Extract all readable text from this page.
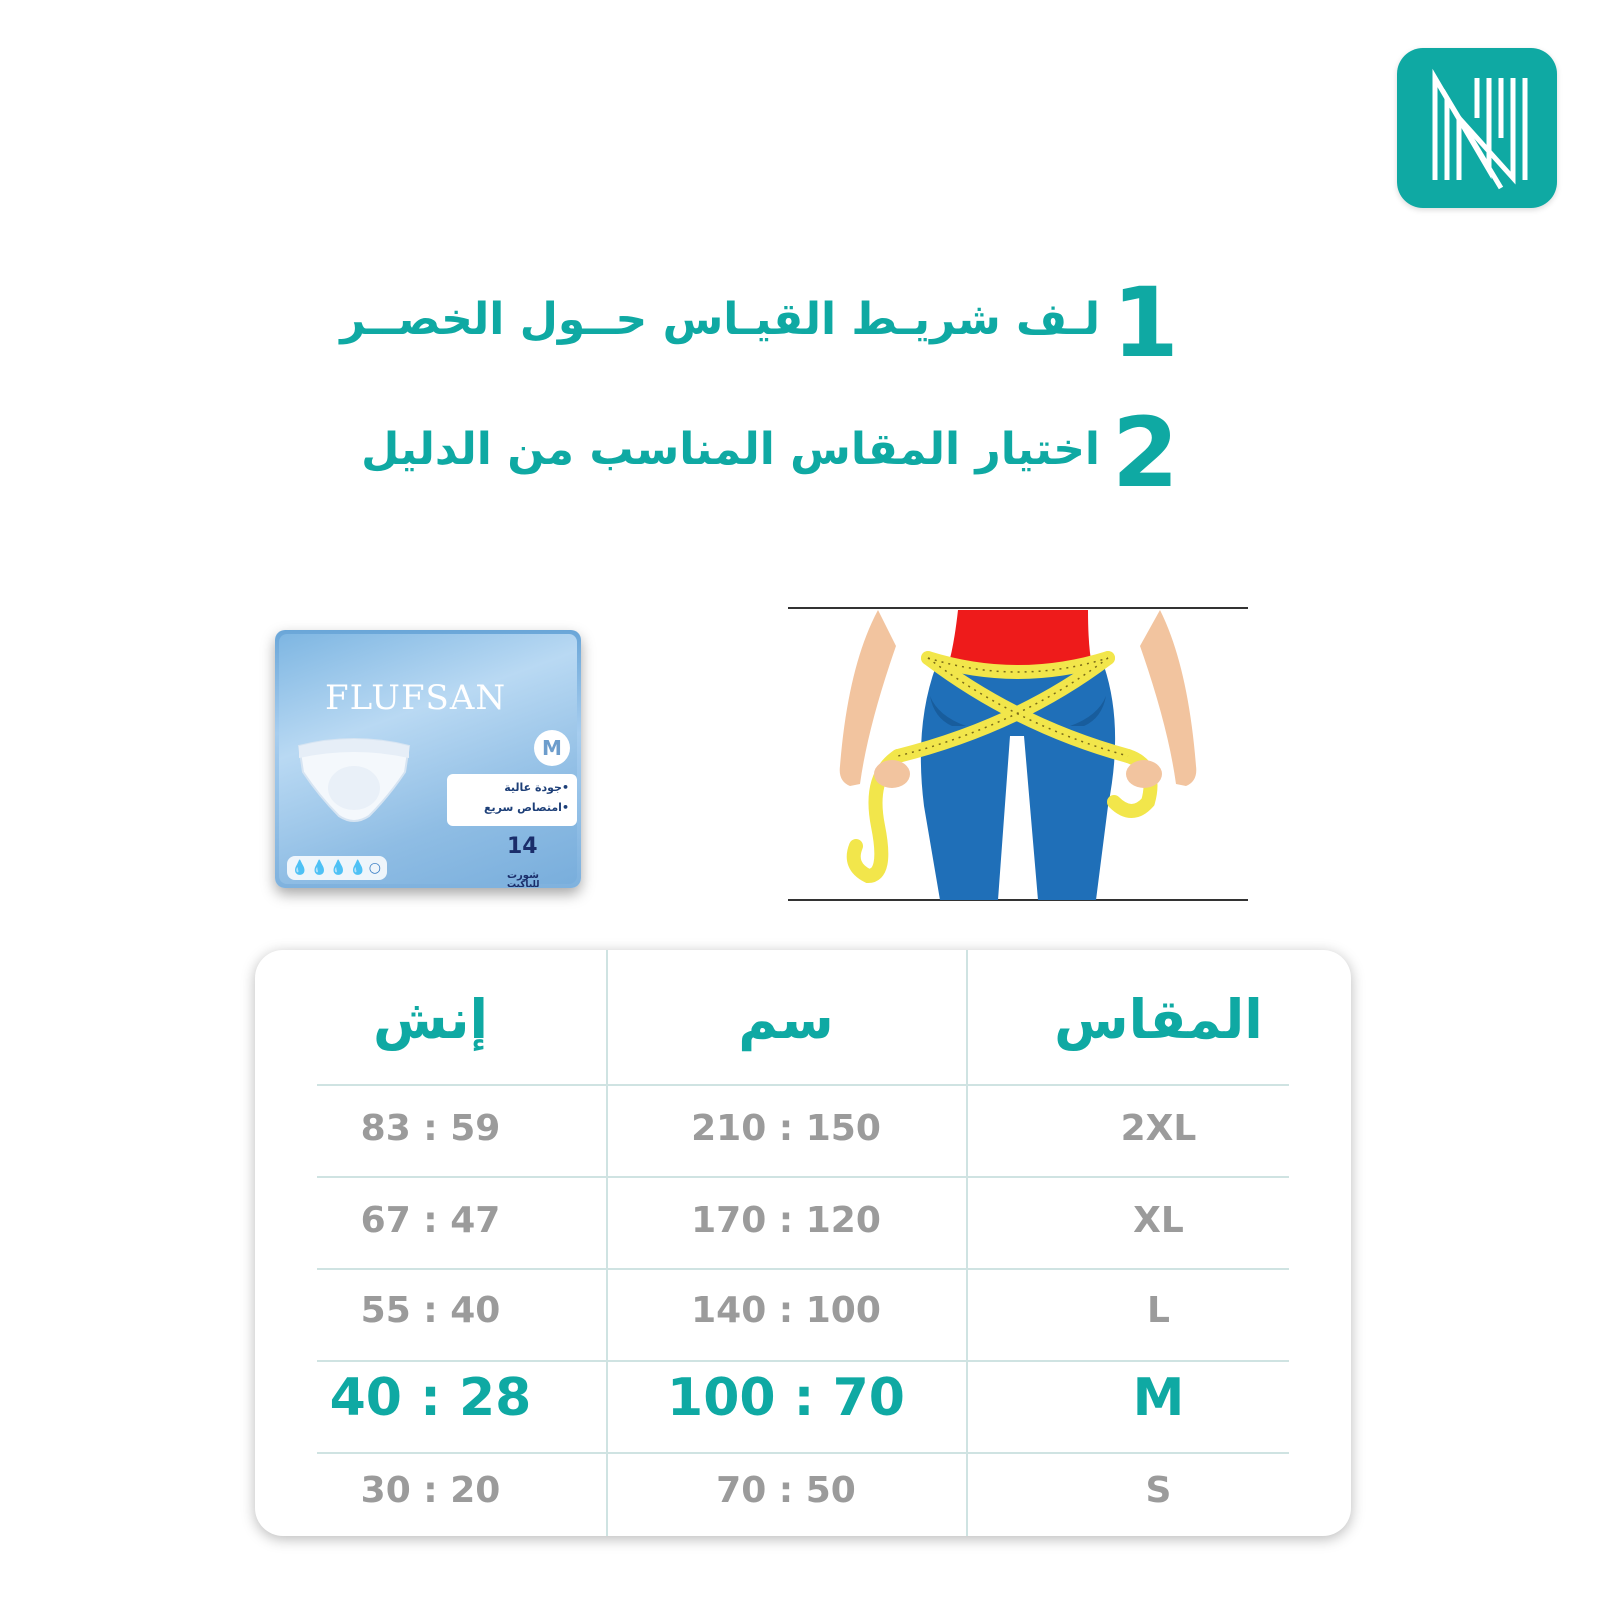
1
لـف شريـط القيـاس حــول الخصــر
2
اختيار المقاس المناسب من الدليل
FLUFSAN
M
•جودة عالية
•امتصاص سريع
14 شورت
للباكيت
💧💧💧💧○
إنش	سم	المقاس
83 : 59	210 : 150	2XL
67 : 47	170 : 120	XL
55 : 40	140 : 100	L
40 : 28	100 : 70	M
30 : 20	70 : 50	S
